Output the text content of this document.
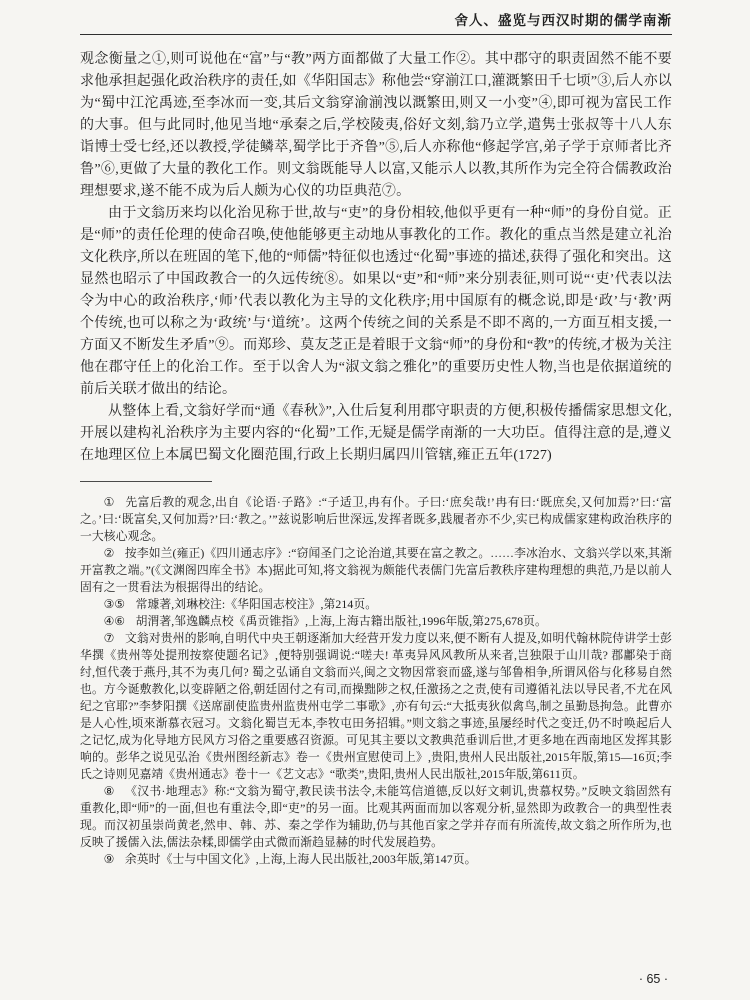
舍人、盛览与西汉时期的儒学南渐

观念衡量之①,则可说他在“富”与“教”两方面都做了大量工作②。其中郡守的职责固然不能不要求他承担起强化政治秩序的责任,如《华阳国志》称他尝“穿湔江口,灌溉繁田千七顷”③,后人亦以为“蜀中江沱禹迹,至李冰而一变,其后文翁穿渝湔洩以溉繁田,则又一小变”④,即可视为富民工作的大事。但与此同时,他见当地“承秦之后,学校陵夷,俗好文刻,翁乃立学,遣隽士张叔等十八人东诣博士受七经,还以教授,学徒鳞萃,蜀学比于齐鲁”⑤,后人亦称他“修起学宫,弟子学于京师者比齐鲁”⑥,更做了大量的教化工作。则文翁既能导人以富,又能示人以教,其所作为完全符合儒教政治理想要求,遂不能不成为后人颇为心仪的功臣典范⑦。

由于文翁历来均以化治见称于世,故与“吏”的身份相较,他似乎更有一种“师”的身份自觉。正是“师”的责任伦理的使命召唤,使他能够更主动地从事教化的工作。教化的重点当然是建立礼治文化秩序,所以在班固的笔下,他的“师儒”特征似也透过“化蜀”事迹的描述,获得了强化和突出。这显然也昭示了中国政教合一的久远传统⑧。如果以“吏”和“师”来分别表征,则可说“‘吏’代表以法令为中心的政治秩序,‘师’代表以教化为主导的文化秩序;用中国原有的概念说,即是‘政’与‘教’两个传统,也可以称之为‘政统’与‘道统’。这两个传统之间的关系是不即不离的,一方面互相支援,一方面又不断发生矛盾”⑨。而郑珍、莫友芝正是着眼于文翁“师”的身份和“教”的传统,才极为关注他在郡守任上的化治工作。至于以舍人为“淑文翁之雅化”的重要历史性人物,当也是依据道统的前后关联才做出的结论。

从整体上看,文翁好学而“通《春秋》”,入仕后复利用郡守职责的方便,积极传播儒家思想文化,开展以建构礼治秩序为主要内容的“化蜀”工作,无疑是儒学南渐的一大功臣。值得注意的是,遵义在地理区位上本属巴蜀文化圈范围,行政上长期归属四川管辖,雍正五年(1727)

① 先富后教的观念,出自《论语·子路》:“子适卫,冉有仆。子曰:‘庶矣哉!’冉有曰:‘既庶矣,又何加焉?’曰:‘富之。’曰:‘既富矣,又何加焉?’曰:‘教之。’”兹说影响后世深远,发挥者既多,践履者亦不少,实已构成儒家建构政治秩序的一大核心观念。

② 按李如兰(雍正)《四川通志序》:“窃闻圣门之论治道,其要在富之教之。……李冰治水、文翁兴学以來,其渐开富教之端。”(《文渊阁四库全书》本)据此可知,将文翁视为颇能代表儒门先富后教秩序建构理想的典范,乃是以前人固有之一贯看法为根据得出的结论。

③⑤ 常璩著,刘琳校注:《华阳国志校注》,第214页。

④⑥ 胡渭著,邹逸麟点校《禹贡锥指》,上海,上海古籍出版社,1996年版,第275,678页。

⑦ 文翁对贵州的影响,自明代中央王朝逐渐加大经营开发力度以来,便不断有人提及,如明代翰林院侍讲学士彭华撰《贵州等处提刑按察使题名记》,便特别强调说:“嗟夫! 革夷异风风教所从来者,岂独限于山川哉? 郡鄘染于商纣,恒代袭于燕丹,其不为夷几何? 蜀之弘诵自文翁而兴,闽之文物因常衮而盛,遂与邹鲁相争,所谓风俗与化移易自然也。方今诞敷教化,以变辟陋之俗,朝廷固付之有司,而操黜陟之权,任激扬之之责,使有司遵循礼法以导民者,不尤在风纪之官耶?”李梦阳撰《送席副使监贵州监贵州屯学二事歌》,亦有句云:“大抵夷狄似禽鸟,制之虽勤恳拘急。此曹亦是人心性,顷來渐慕衣冠习。文翁化蜀岂无本,李牧屯田务招辑。”则文翁之事迹,虽屡经时代之变迁,仍不时唤起后人之记忆,成为化导地方民风方习俗之重要感召资源。可见其主要以文教典范垂训后世,才更多地在西南地区发挥其影响的。彭华之说见弘治《贵州图经新志》卷一《贵州宣慰使司上》,贵阳,贵州人民出版社,2015年版,第15—16页;李氏之诗则见嘉靖《贵州通志》卷十一《艺文志》“歌类”,贵阳,贵州人民出版社,2015年版,第611页。

⑧ 《汉书·地理志》称:“文翁为蜀守,教民读书法令,未能笃信道德,反以好文刺讥,贵慕权势。”反映文翁固然有重教化,即“师”的一面,但也有重法令,即“吏”的另一面。比观其两面而加以客观分析,显然即为政教合一的典型性表现。而汉初虽崇尚黄老,然申、韩、苏、秦之学作为辅助,仍与其他百家之学并存而有所流传,故文翁之所作所为,也反映了援儒入法,儒法杂糅,即儒学由式微而渐趋显赫的时代发展趋势。

⑨ 余英时《士与中国文化》,上海,上海人民出版社,2003年版,第147页。

· 65 ·
